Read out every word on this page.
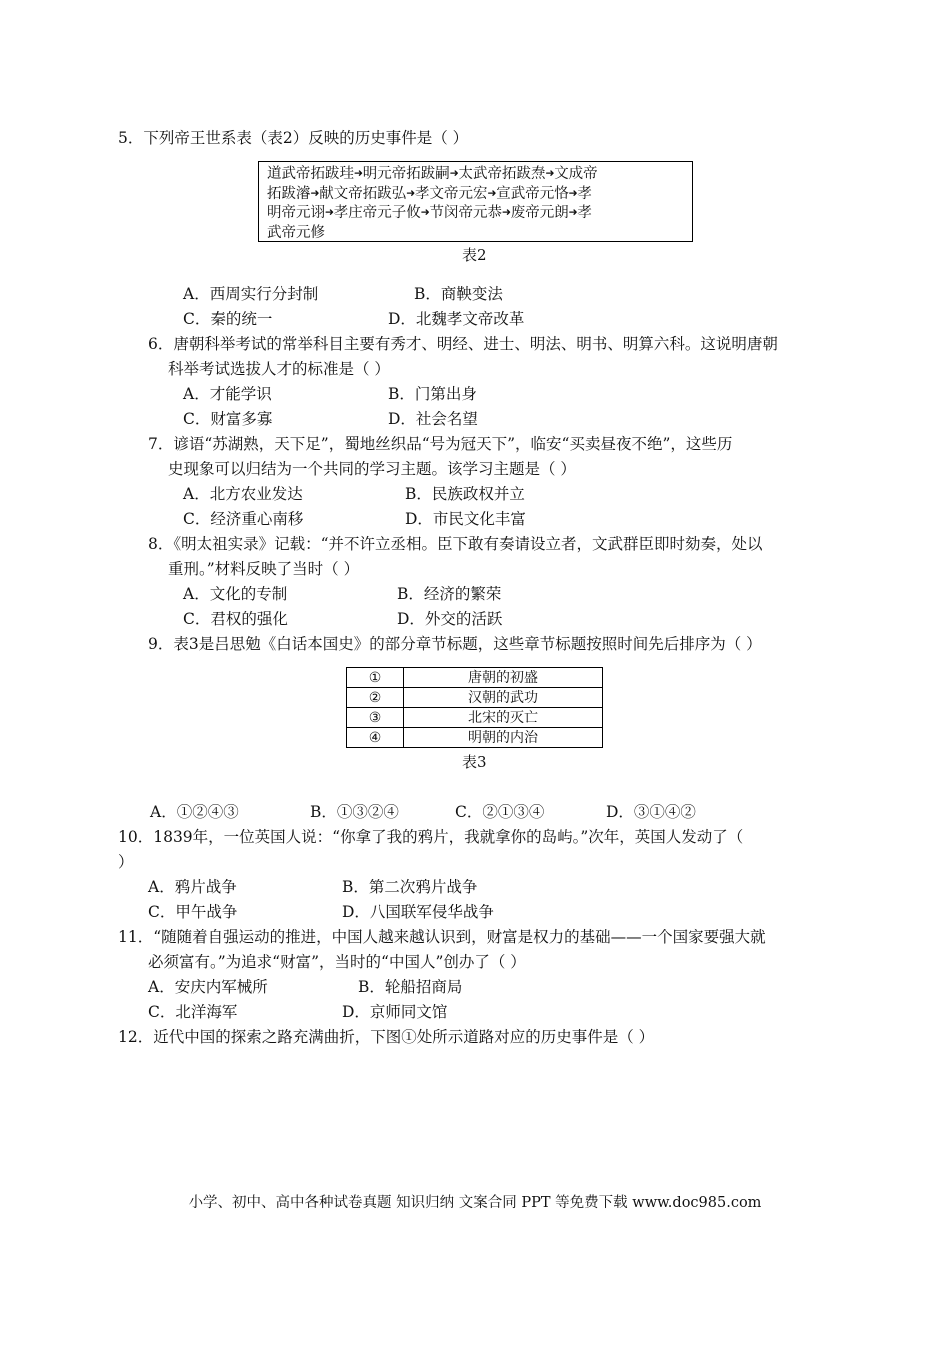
5．下列帝王世系表（表2）反映的历史事件是（ ）
道武帝拓跋珪➜明元帝拓跋嗣➜太武帝拓跋焘➜文成帝
拓跋濬➜献文帝拓跋弘➜孝文帝元宏➜宣武帝元恪➜孝
明帝元诩➜孝庄帝元子攸➜节闵帝元恭➜废帝元朗➜孝
武帝元修
表2
A．西周实行分封制	B．商鞅变法
C．秦的统一	D．北魏孝文帝改革
6．唐朝科举考试的常举科目主要有秀才、明经、进士、明法、明书、明算六科。这说明唐朝
科举考试选拔人才的标准是（ ）
A．才能学识	B．门第出身
C．财富多寡	D．社会名望
7．谚语“苏湖熟，天下足”，蜀地丝织品“号为冠天下”，临安“买卖昼夜不绝”，这些历
史现象可以归结为一个共同的学习主题。该学习主题是（ ）
A．北方农业发达	B．民族政权并立
C．经济重心南移	D．市民文化丰富
8．《明太祖实录》记载：“并不许立丞相。臣下敢有奏请设立者，文武群臣即时劾奏，处以
重刑。”材料反映了当时（ ）
A．文化的专制	B．经济的繁荣
C．君权的强化	D．外交的活跃
9．表3是吕思勉《白话本国史》的部分章节标题，这些章节标题按照时间先后排序为（ ）
①	唐朝的初盛
②	汉朝的武功
③	北宋的灭亡
④	明朝的内治
表3
A．①②④③	B．①③②④	C．②①③④	D．③①④②
10．1839年，一位英国人说：“你拿了我的鸦片，我就拿你的岛屿。”次年，英国人发动了（
）
A．鸦片战争	B．第二次鸦片战争
C．甲午战争	D．八国联军侵华战争
11．“随随着自强运动的推进，中国人越来越认识到，财富是权力的基础——一个国家要强大就
必须富有。”为追求“财富”，当时的“中国人”创办了（ ）
A．安庆内军械所	B．轮船招商局
C．北洋海军	D．京师同文馆
12．近代中国的探索之路充满曲折，下图①处所示道路对应的历史事件是（ ）
小学、初中、高中各种试卷真题 知识归纳 文案合同 PPT 等免费下载 www.doc985.com
